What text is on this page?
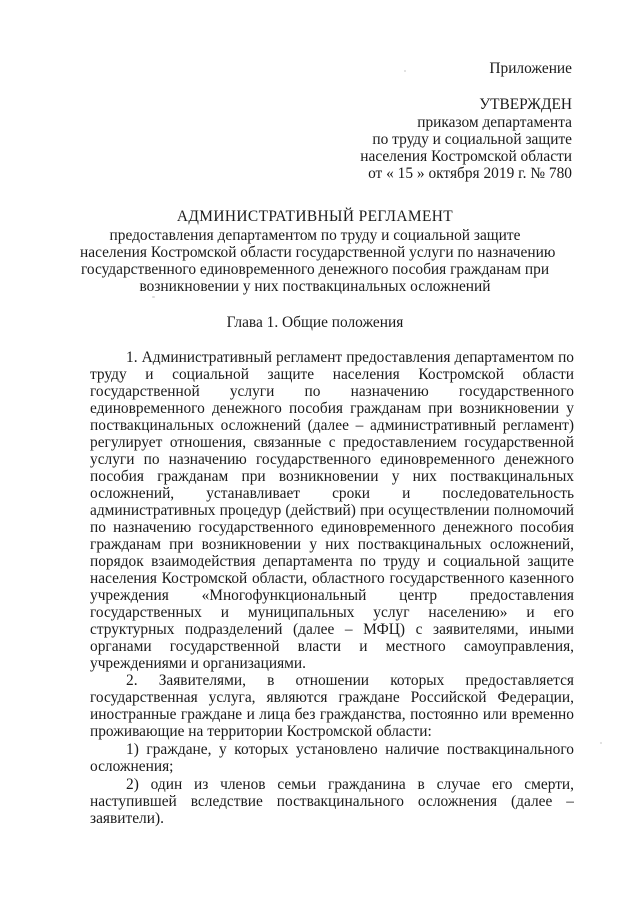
Приложение
УТВЕРЖДЕН
приказом департамента
по труду и социальной защите
населения Костромской области
от « 15 » октября 2019 г. № 780
АДМИНИСТРАТИВНЫЙ РЕГЛАМЕНТ
предоставления департаментом по труду и социальной защите
населения Костромской области государственной услуги по назначению
государственного единовременного денежного пособия гражданам при
возникновении у них поствакцинальных осложнений
Глава 1. Общие положения
1. Административный регламент предоставления департаментом по
труду и социальной защите населения Костромской области
государственной услуги по назначению государственного
единовременного денежного пособия гражданам при возникновении у
поствакцинальных осложнений (далее – административный регламент)
регулирует отношения, связанные с предоставлением государственной
услуги по назначению государственного единовременного денежного
пособия гражданам при возникновении у них поствакцинальных
осложнений, устанавливает сроки и последовательность
административных процедур (действий) при осуществлении полномочий
по назначению государственного единовременного денежного пособия
гражданам при возникновении у них поствакцинальных осложнений,
порядок взаимодействия департамента по труду и социальной защите
населения Костромской области, областного государственного казенного
учреждения «Многофункциональный центр предоставления
государственных и муниципальных услуг населению» и его
структурных подразделений (далее – МФЦ) с заявителями, иными
органами государственной власти и местного самоуправления,
учреждениями и организациями.
2. Заявителями, в отношении которых предоставляется
государственная услуга, являются граждане Российской Федерации,
иностранные граждане и лица без гражданства, постоянно или временно
проживающие на территории Костромской области:
1) граждане, у которых установлено наличие поствакцинального
осложнения;
2) один из членов семьи гражданина в случае его смерти,
наступившей вследствие поствакцинального осложнения (далее –
заявители).
